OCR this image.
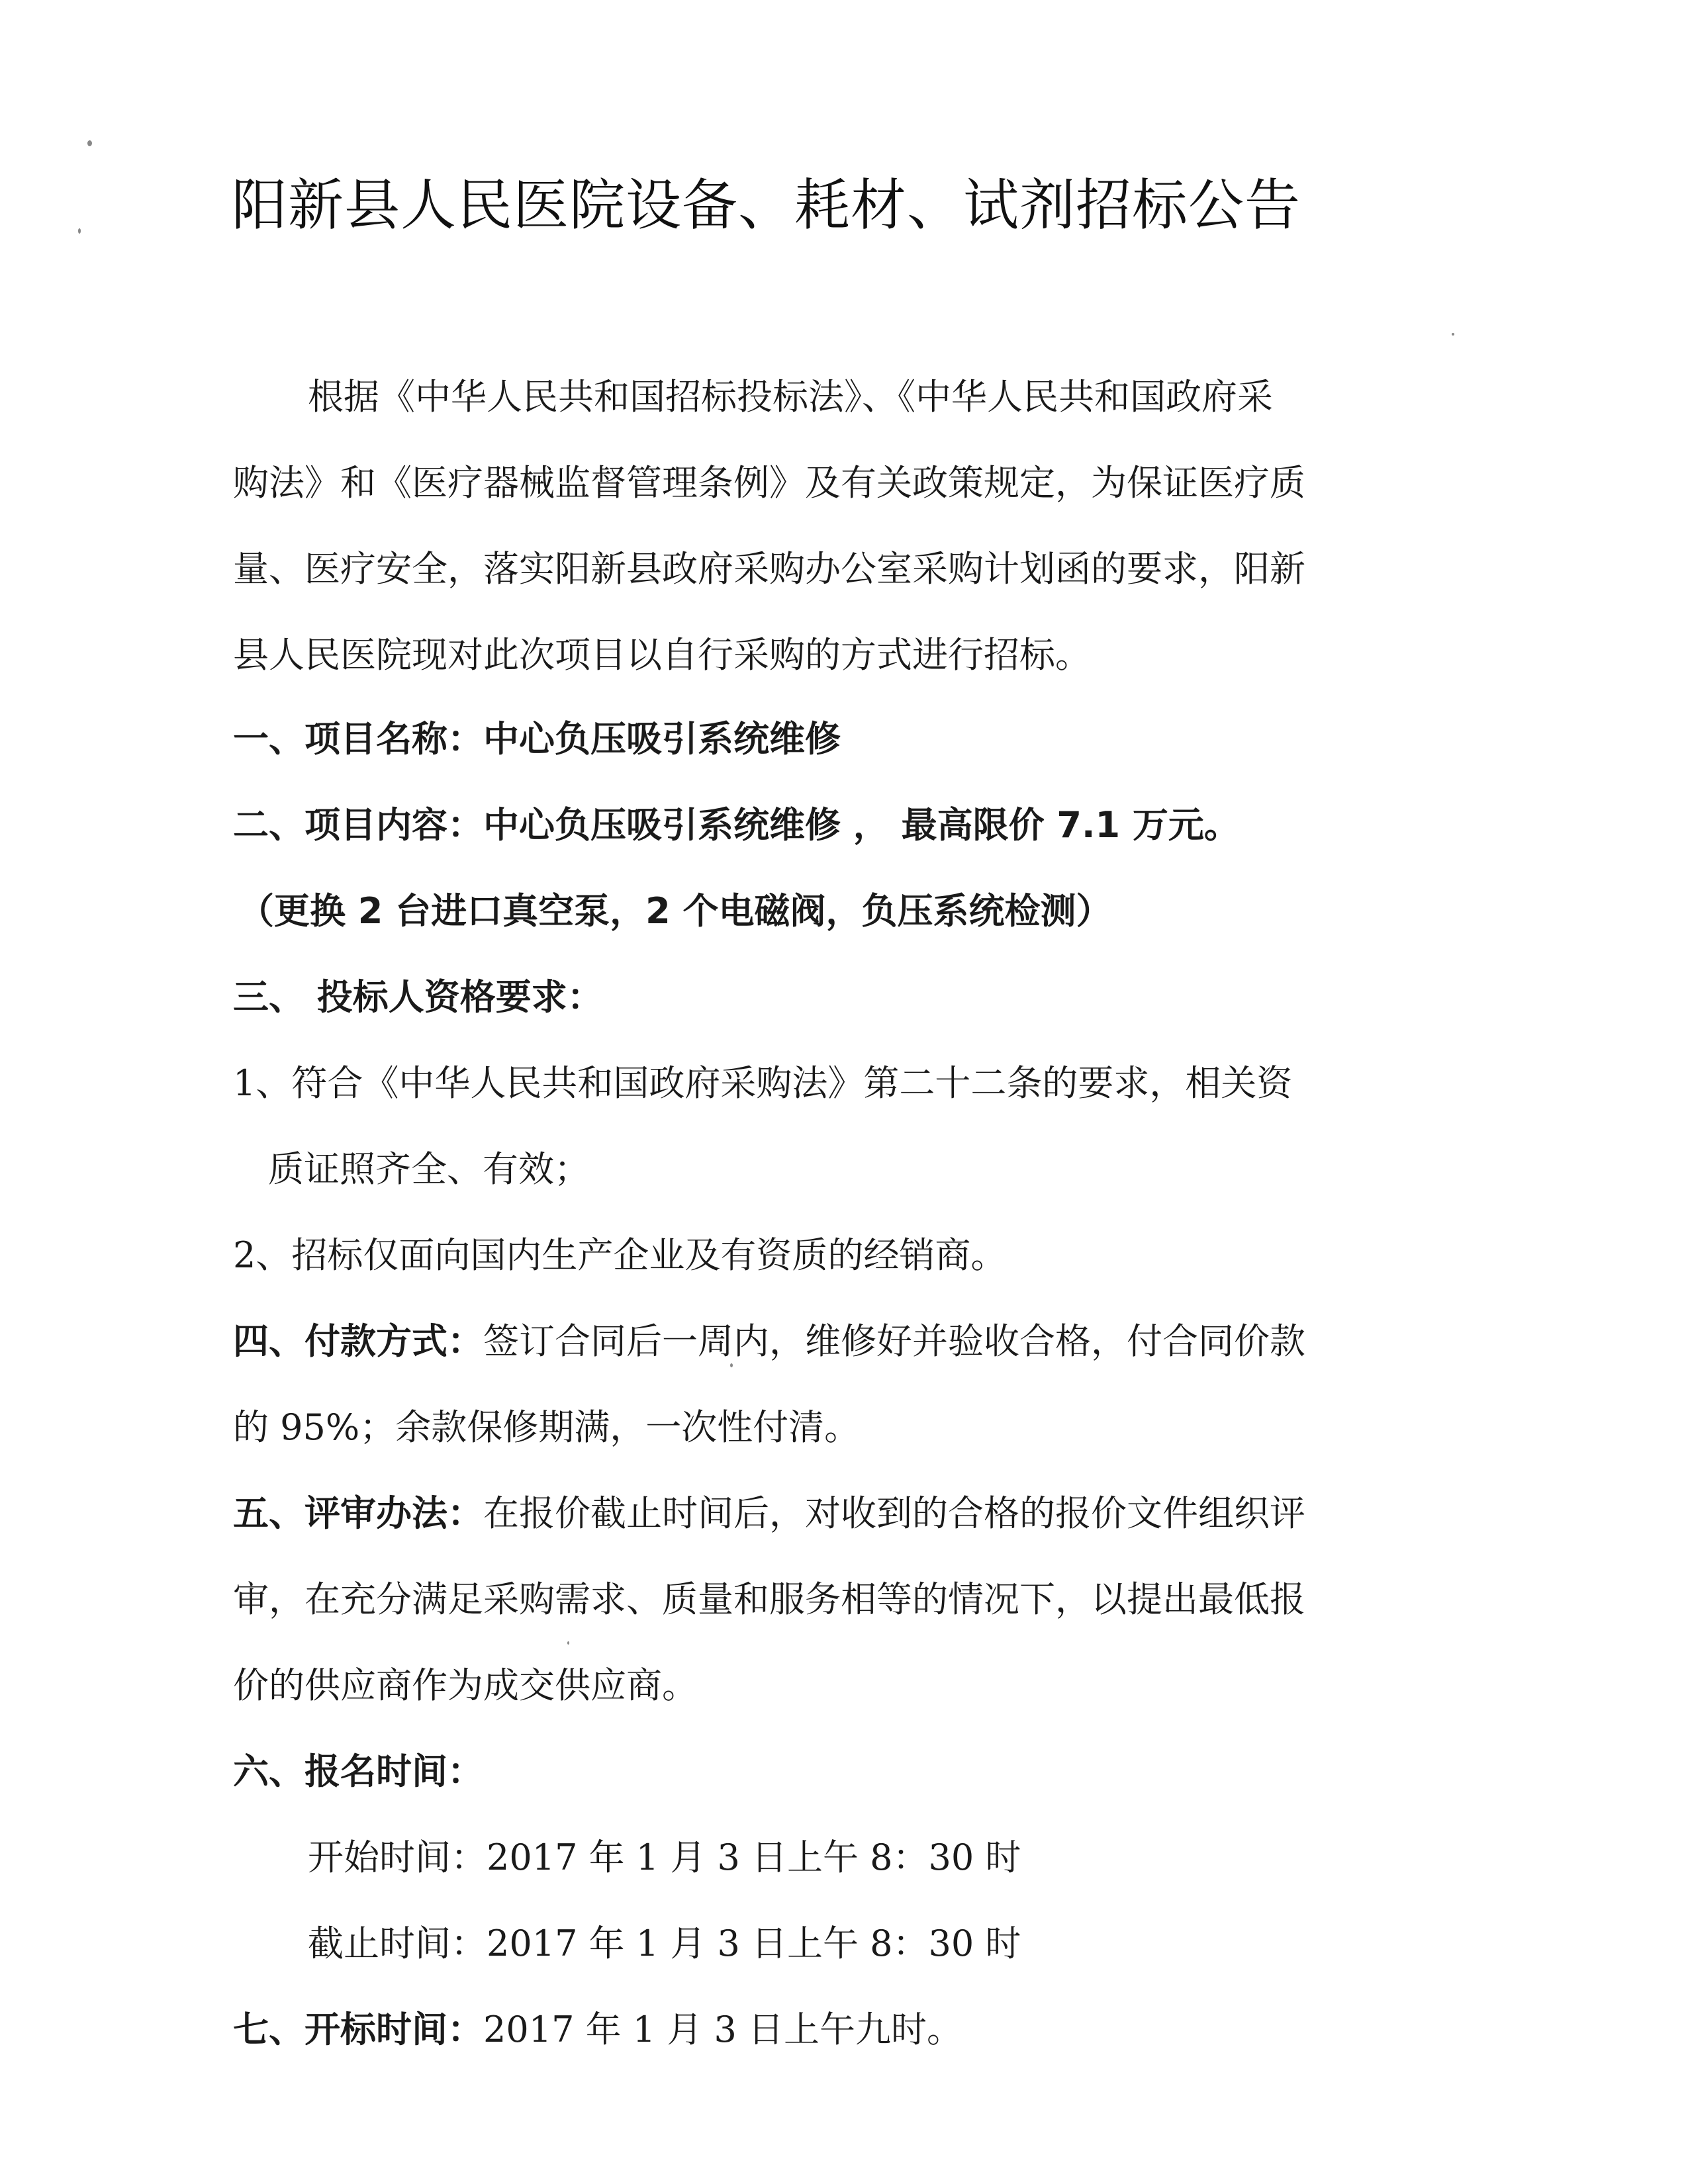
阳新县人民医院设备、耗材、试剂招标公告
根据《中华人民共和国招标投标法》、《中华人民共和国政府采
购法》和《医疗器械监督管理条例》及有关政策规定，为保证医疗质
量、医疗安全，落实阳新县政府采购办公室采购计划函的要求，阳新
县人民医院现对此次项目以自行采购的方式进行招标。
一、项目名称：中心负压吸引系统维修
二、项目内容：中心负压吸引系统维修 ， 最高限价 7.1 万元。
（更换 2 台进口真空泵，2 个电磁阀，负压系统检测）
三、 投标人资格要求：
1、符合《中华人民共和国政府采购法》第二十二条的要求，相关资
质证照齐全、有效；
2、招标仅面向国内生产企业及有资质的经销商。
四、付款方式：签订合同后一周内，维修好并验收合格，付合同价款
的 95%；余款保修期满，一次性付清。
五、评审办法：在报价截止时间后，对收到的合格的报价文件组织评
审，在充分满足采购需求、质量和服务相等的情况下，以提出最低报
价的供应商作为成交供应商。
六、报名时间：
开始时间：2017 年 1 月 3 日上午 8：30 时
截止时间：2017 年 1 月 3 日上午 8：30 时
七、开标时间：2017 年 1 月 3 日上午九时。
